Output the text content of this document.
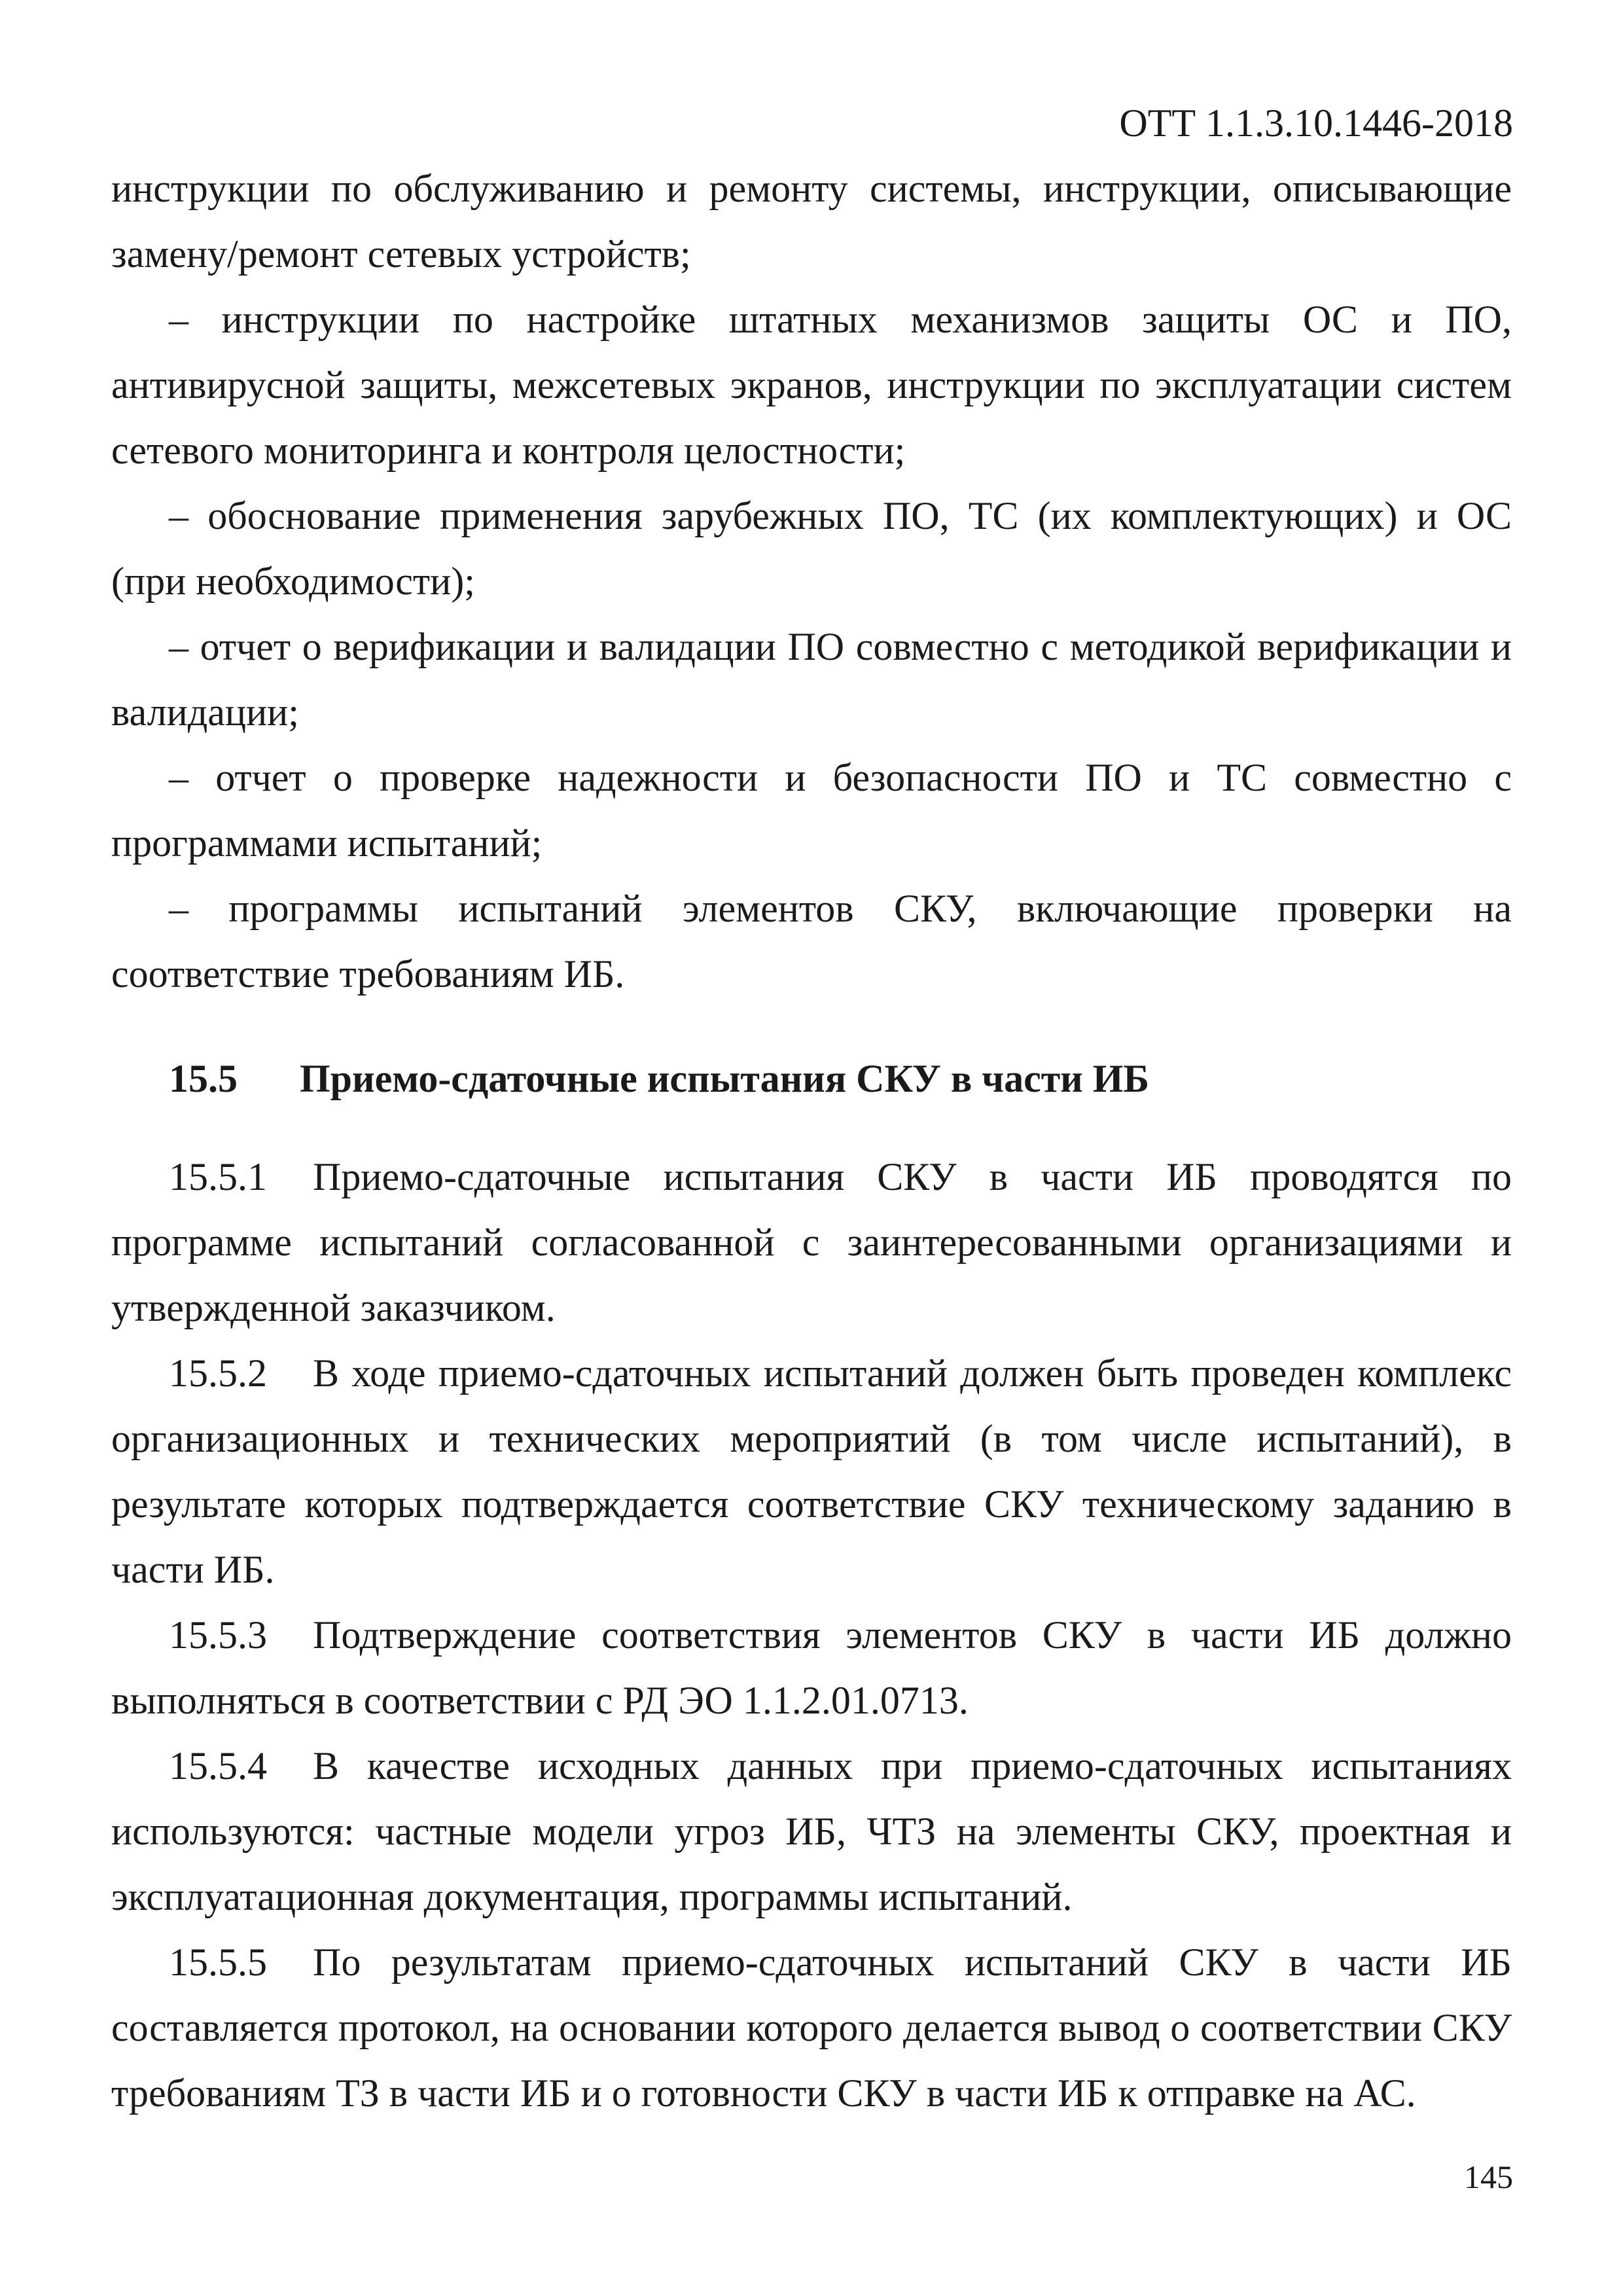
ОТТ 1.1.3.10.1446-2018

инструкции по обслуживанию и ремонту системы, инструкции, описывающие замену/ремонт сетевых устройств;

– инструкции по настройке штатных механизмов защиты ОС и ПО, антивирусной защиты, межсетевых экранов, инструкции по эксплуатации систем сетевого мониторинга и контроля целостности;

– обоснование применения зарубежных ПО, ТС (их комплектующих) и ОС (при необходимости);

– отчет о верификации и валидации ПО совместно с методикой верификации и валидации;

– отчет о проверке надежности и безопасности ПО и ТС совместно с программами испытаний;

– программы испытаний элементов СКУ, включающие проверки на соответствие требованиям ИБ.

15.5 Приемо-сдаточные испытания СКУ в части ИБ

15.5.1 Приемо-сдаточные испытания СКУ в части ИБ проводятся по программе испытаний согласованной с заинтересованными организациями и утвержденной заказчиком.

15.5.2 В ходе приемо-сдаточных испытаний должен быть проведен комплекс организационных и технических мероприятий (в том числе испытаний), в результате которых подтверждается соответствие СКУ техническому заданию в части ИБ.

15.5.3 Подтверждение соответствия элементов СКУ в части ИБ должно выполняться в соответствии с РД ЭО 1.1.2.01.0713.

15.5.4 В качестве исходных данных при приемо-сдаточных испытаниях используются: частные модели угроз ИБ, ЧТЗ на элементы СКУ, проектная и эксплуатационная документация, программы испытаний.

15.5.5 По результатам приемо-сдаточных испытаний СКУ в части ИБ составляется протокол, на основании которого делается вывод о соответствии СКУ требованиям ТЗ в части ИБ и о готовности СКУ в части ИБ к отправке на АС.

145
